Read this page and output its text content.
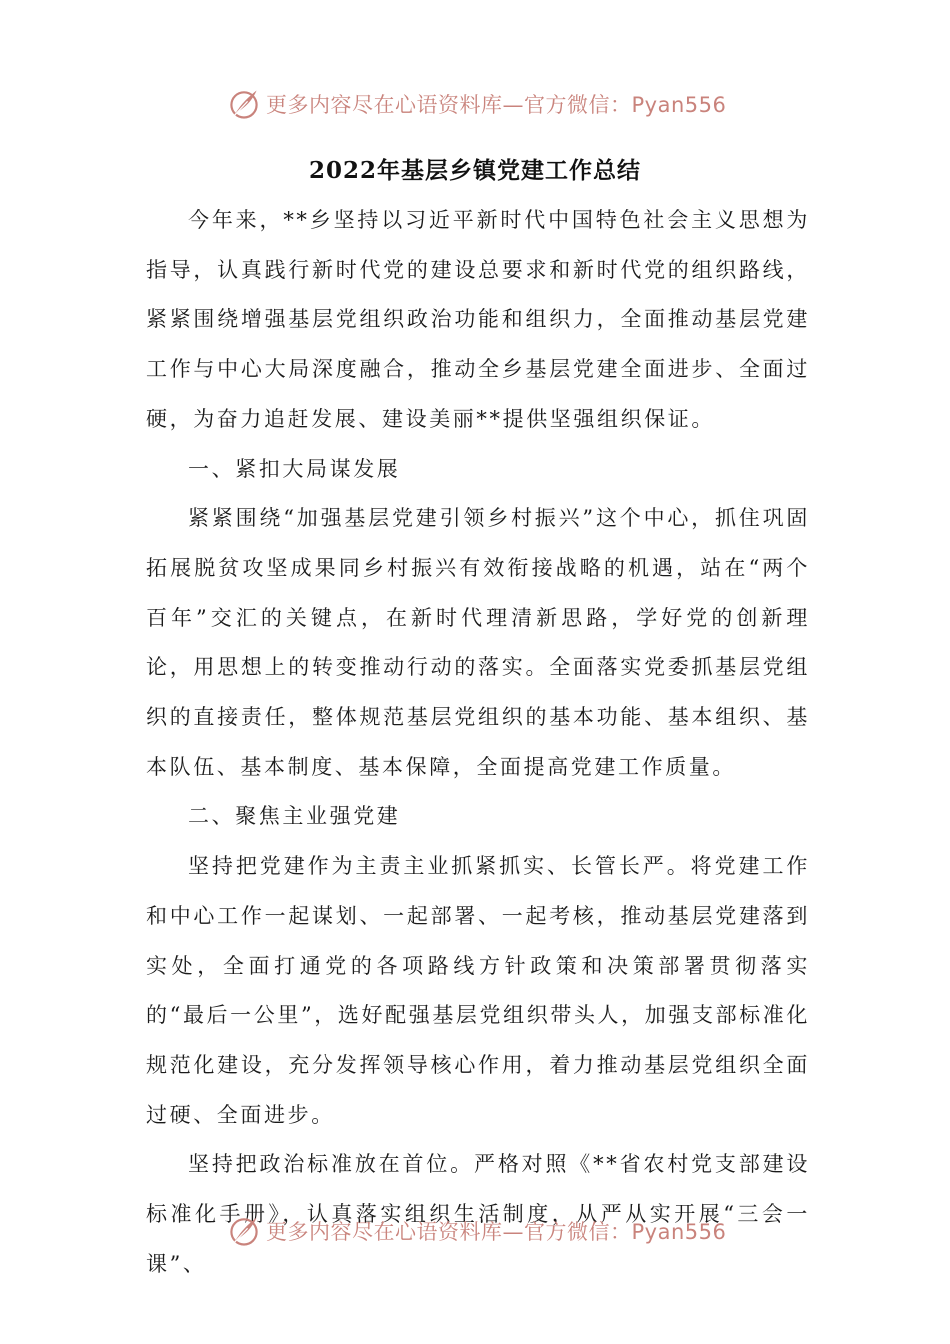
更多内容尽在心语资料库—官方微信：Pyan556
2022年基层乡镇党建工作总结

今年来，**乡坚持以习近平新时代中国特色社会主义思想为指导，认真践行新时代党的建设总要求和新时代党的组织路线，紧紧围绕增强基层党组织政治功能和组织力，全面推动基层党建工作与中心大局深度融合，推动全乡基层党建全面进步、全面过硬，为奋力追赶发展、建设美丽**提供坚强组织保证。

一、紧扣大局谋发展

紧紧围绕“加强基层党建引领乡村振兴”这个中心，抓住巩固拓展脱贫攻坚成果同乡村振兴有效衔接战略的机遇，站在“两个百年”交汇的关键点，在新时代理清新思路，学好党的创新理论，用思想上的转变推动行动的落实。全面落实党委抓基层党组织的直接责任，整体规范基层党组织的基本功能、基本组织、基本队伍、基本制度、基本保障，全面提高党建工作质量。

二、聚焦主业强党建

坚持把党建作为主责主业抓紧抓实、长管长严。将党建工作和中心工作一起谋划、一起部署、一起考核，推动基层党建落到实处，全面打通党的各项路线方针政策和决策部署贯彻落实的“最后一公里”，选好配强基层党组织带头人，加强支部标准化规范化建设，充分发挥领导核心作用，着力推动基层党组织全面过硬、全面进步。

坚持把政治标准放在首位。严格对照《**省农村党支部建设标准化手册》，认真落实组织生活制度，从严从实开展“三会一课”、

更多内容尽在心语资料库—官方微信：Pyan556
